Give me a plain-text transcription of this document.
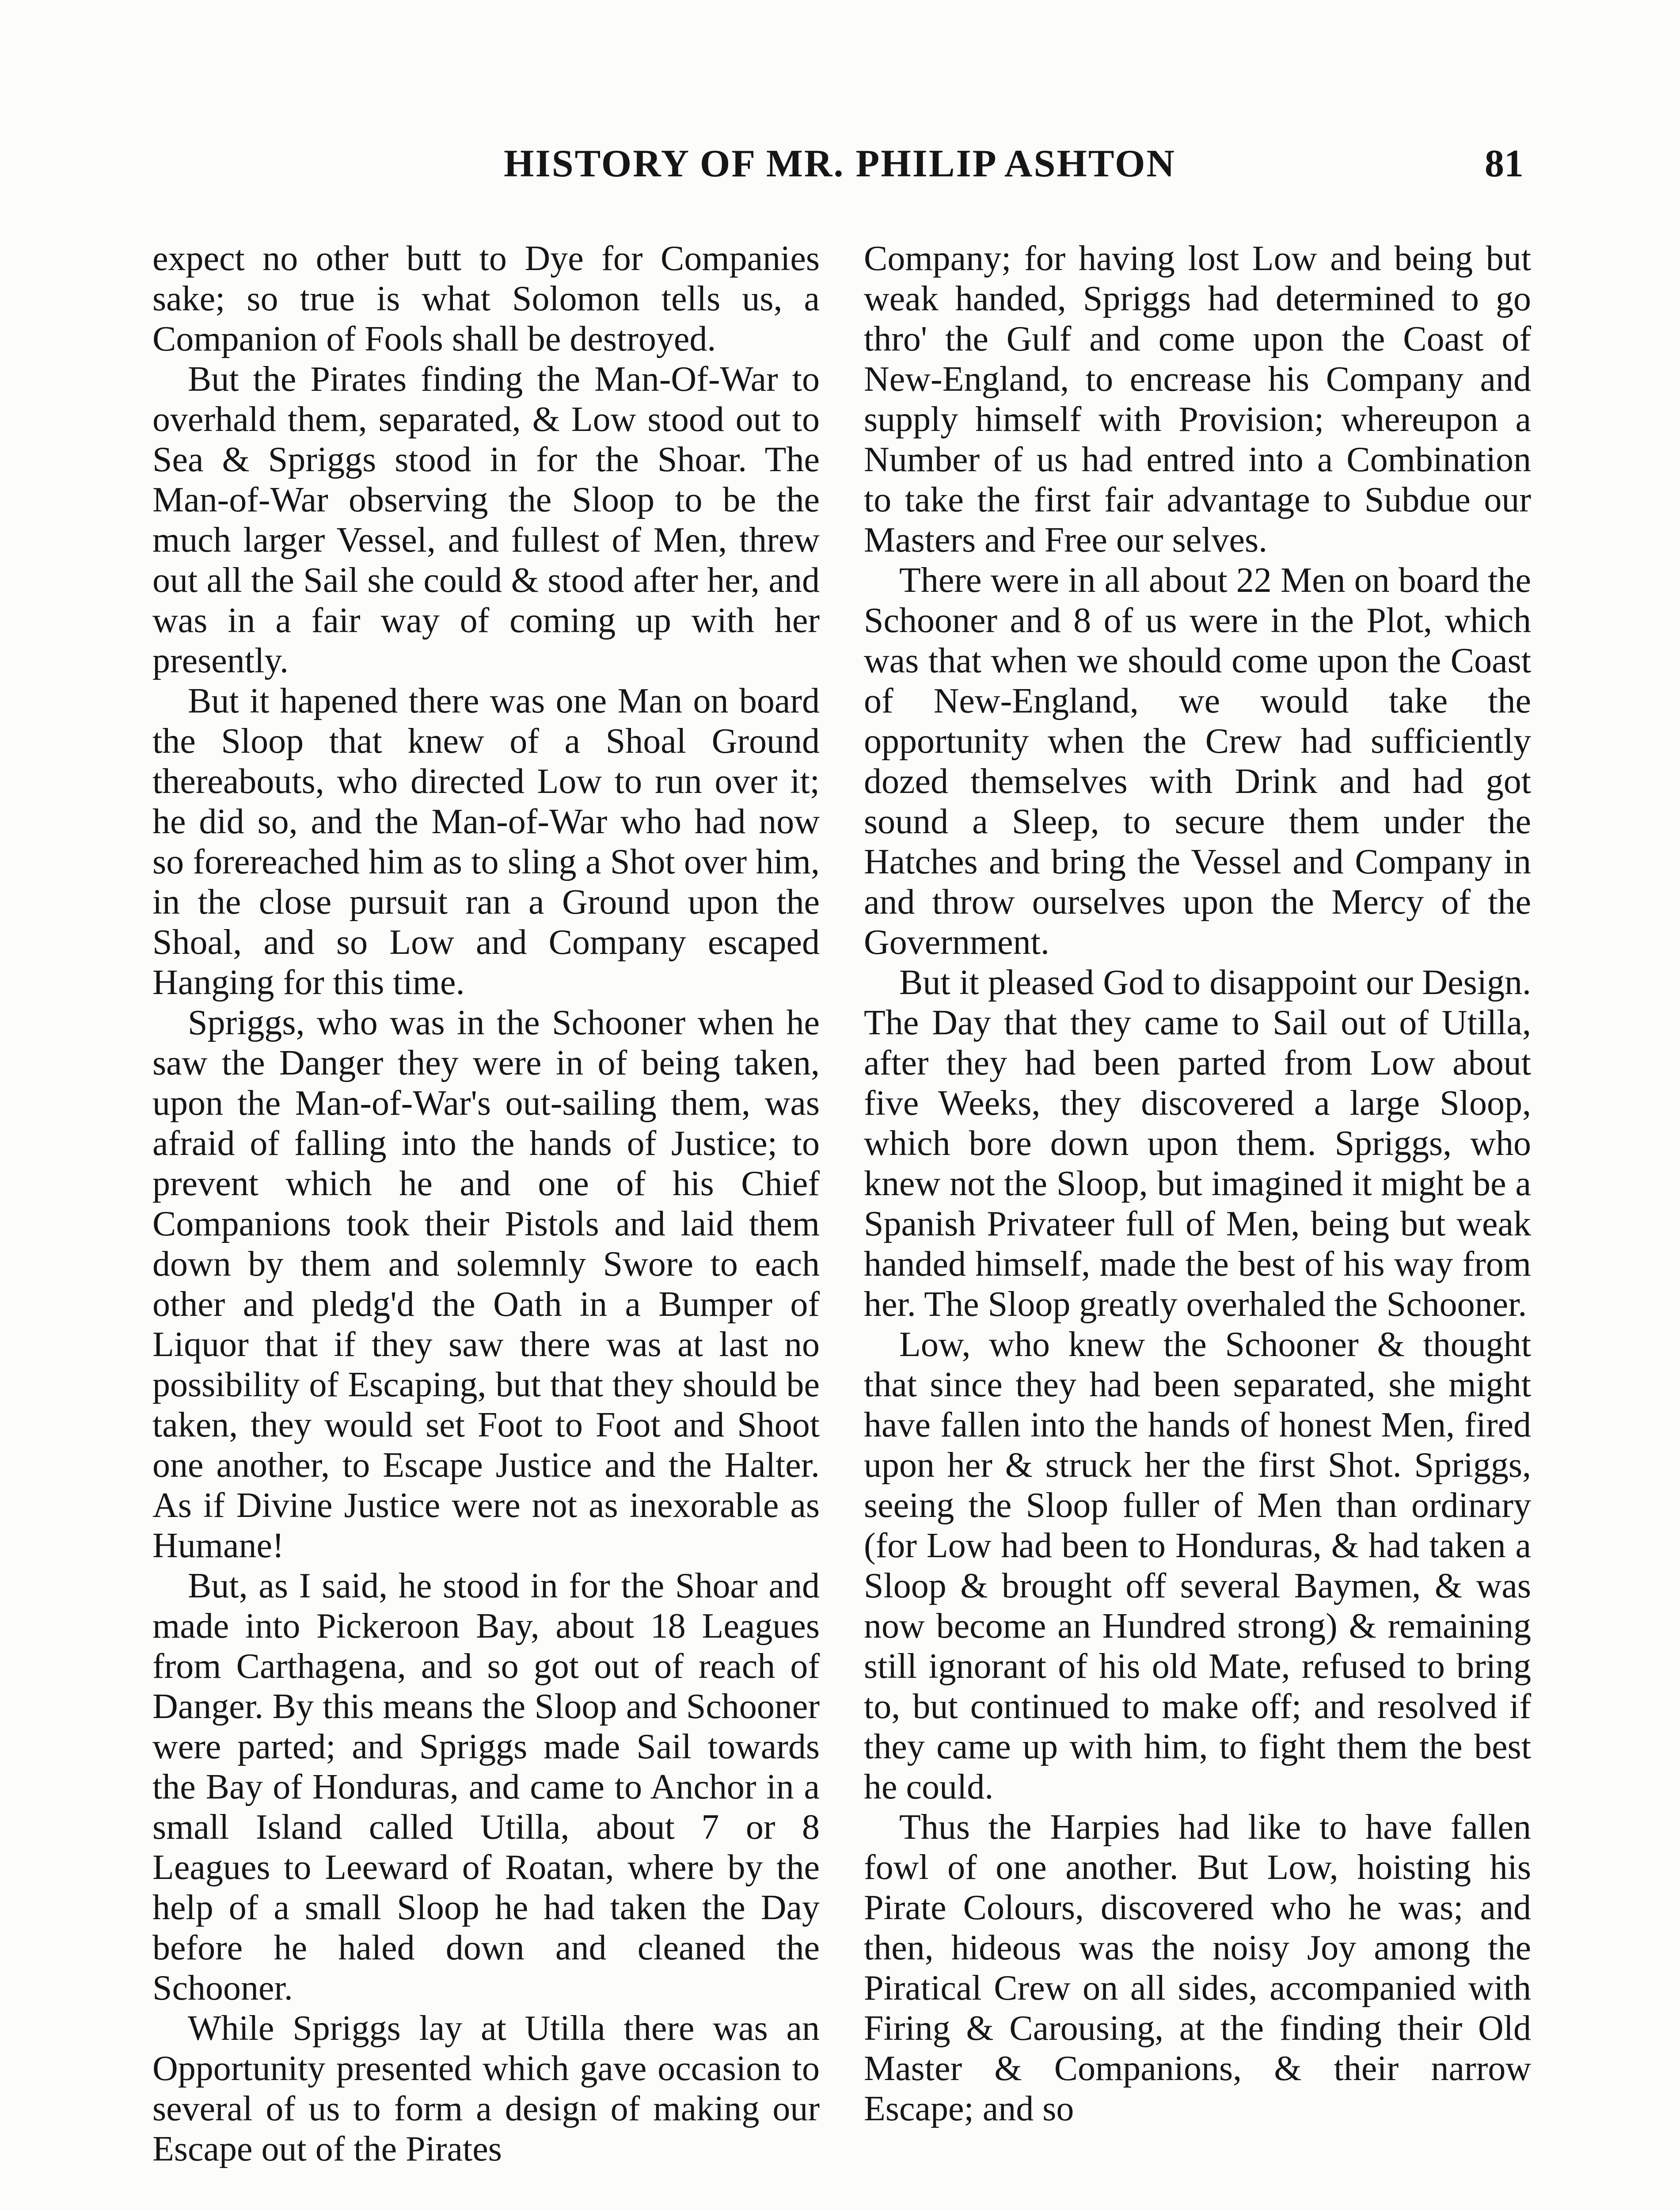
HISTORY OF MR. PHILIP ASHTON	81

expect no other butt to Dye for Companies sake; so true is what Solomon tells us, a Companion of Fools shall be destroyed.

But the Pirates finding the Man-Of-War to overhald them, separated, & Low stood out to Sea & Spriggs stood in for the Shoar. The Man-of-War observing the Sloop to be the much larger Vessel, and fullest of Men, threw out all the Sail she could & stood after her, and was in a fair way of coming up with her presently.

But it hapened there was one Man on board the Sloop that knew of a Shoal Ground thereabouts, who directed Low to run over it; he did so, and the Man-of-War who had now so forereached him as to sling a Shot over him, in the close pursuit ran a Ground upon the Shoal, and so Low and Company escaped Hanging for this time.

Spriggs, who was in the Schooner when he saw the Danger they were in of being taken, upon the Man-of-War's out-sailing them, was afraid of falling into the hands of Justice; to prevent which he and one of his Chief Companions took their Pistols and laid them down by them and solemnly Swore to each other and pledg'd the Oath in a Bumper of Liquor that if they saw there was at last no possibility of Escaping, but that they should be taken, they would set Foot to Foot and Shoot one another, to Escape Justice and the Halter. As if Divine Justice were not as inexorable as Humane!

But, as I said, he stood in for the Shoar and made into Pickeroon Bay, about 18 Leagues from Carthagena, and so got out of reach of Danger. By this means the Sloop and Schooner were parted; and Spriggs made Sail towards the Bay of Honduras, and came to Anchor in a small Island called Utilla, about 7 or 8 Leagues to Leeward of Roatan, where by the help of a small Sloop he had taken the Day before he haled down and cleaned the Schooner.

While Spriggs lay at Utilla there was an Opportunity presented which gave occasion to several of us to form a design of making our Escape out of the Pirates

Company; for having lost Low and being but weak handed, Spriggs had determined to go thro' the Gulf and come upon the Coast of New-England, to encrease his Company and supply himself with Provision; whereupon a Number of us had entred into a Combination to take the first fair advantage to Subdue our Masters and Free our selves.

There were in all about 22 Men on board the Schooner and 8 of us were in the Plot, which was that when we should come upon the Coast of New-England, we would take the opportunity when the Crew had sufficiently dozed themselves with Drink and had got sound a Sleep, to secure them under the Hatches and bring the Vessel and Company in and throw ourselves upon the Mercy of the Government.

But it pleased God to disappoint our Design. The Day that they came to Sail out of Utilla, after they had been parted from Low about five Weeks, they discovered a large Sloop, which bore down upon them. Spriggs, who knew not the Sloop, but imagined it might be a Spanish Privateer full of Men, being but weak handed himself, made the best of his way from her. The Sloop greatly overhaled the Schooner.

Low, who knew the Schooner & thought that since they had been separated, she might have fallen into the hands of honest Men, fired upon her & struck her the first Shot. Spriggs, seeing the Sloop fuller of Men than ordinary (for Low had been to Honduras, & had taken a Sloop & brought off several Baymen, & was now become an Hundred strong) & remaining still ignorant of his old Mate, refused to bring to, but continued to make off; and resolved if they came up with him, to fight them the best he could.

Thus the Harpies had like to have fallen fowl of one another. But Low, hoisting his Pirate Colours, discovered who he was; and then, hideous was the noisy Joy among the Piratical Crew on all sides, accompanied with Firing & Carousing, at the finding their Old Master & Companions, & their narrow Escape; and so
